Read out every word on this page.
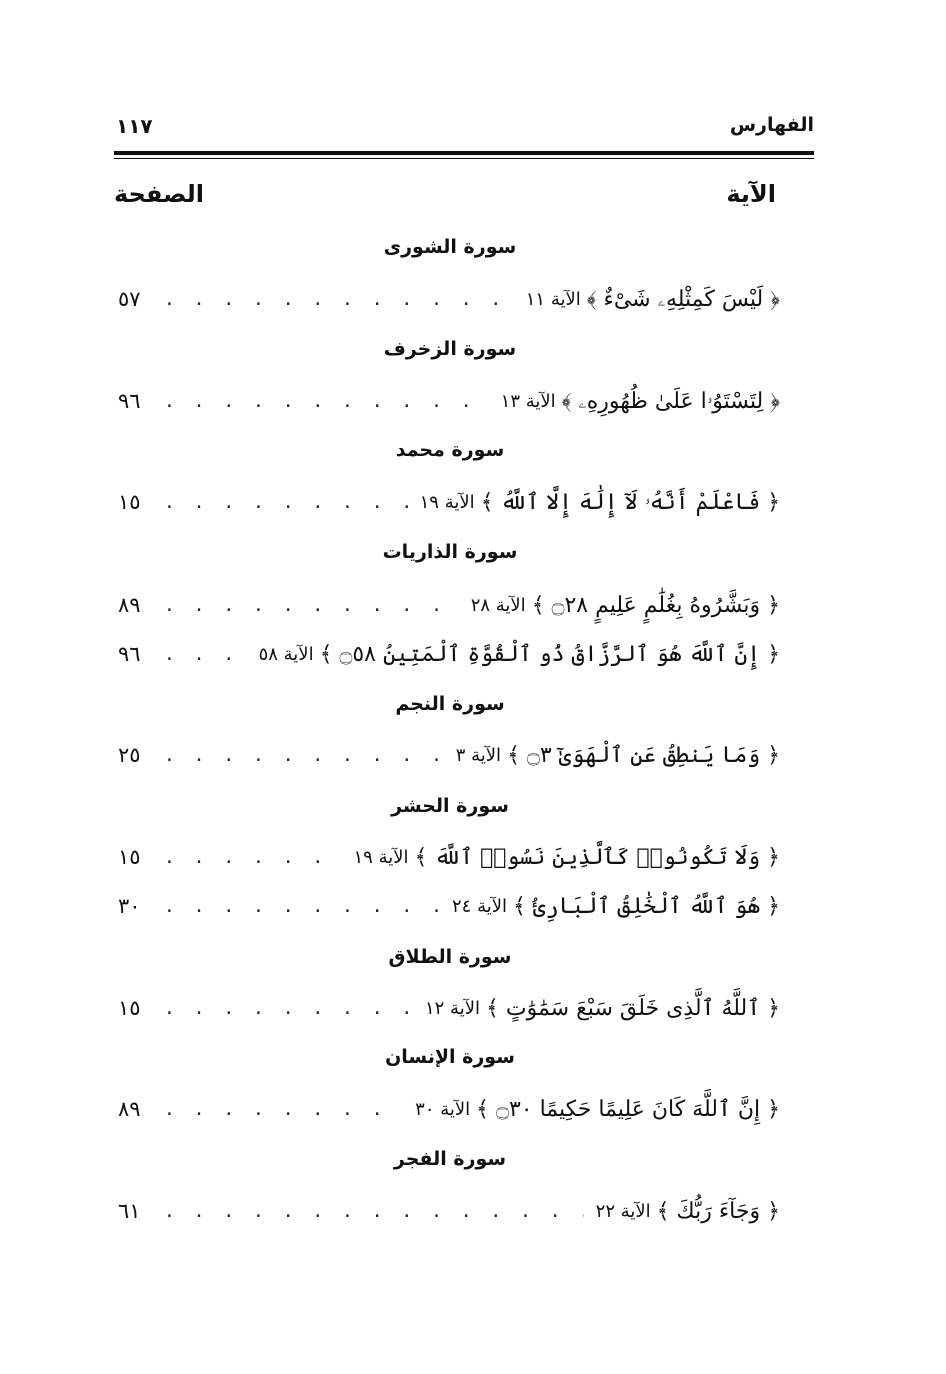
الفهارس
١١٧
الآية
الصفحة
سورة الشورى
﴿ لَيْسَ كَمِثْلِهِۦ شَىْءٌ ﴾
الآية ١١
. . .
٥٧
سورة الزخرف
﴿ لِتَسْتَوُۥا عَلَىٰ ظُهُورِهِۦ ﴾
الآية ١٣
. . .
٩٦
سورة محمد
﴿ فَاعْلَمْ أَنَّهُۥ لَآ إِلَٰهَ إِلَّا ٱللَّهُ ﴾
الآية ١٩
. . .
١٥
سورة الذاريات
﴿ وَبَشَّرُوهُ بِغُلَٰمٍ عَلِيمٍ ۝٢٨ ﴾
الآية ٢٨
. . .
٨٩
﴿ إِنَّ ٱللَّهَ هُوَ ٱلرَّزَّاقُ ذُو ٱلْقُوَّةِ ٱلْمَتِينُ ۝٥٨ ﴾
الآية ٥٨
. . .
٩٦
سورة النجم
﴿ وَمَا يَنطِقُ عَنِ ٱلْهَوَىٰٓ ۝٣ ﴾
الآية ٣
. . .
٢٥
سورة الحشر
﴿ وَلَا تَكُونُوا۟ كَٱلَّذِينَ نَسُوا۟ ٱللَّهَ ﴾
الآية ١٩
. . .
١٥
﴿ هُوَ ٱللَّهُ ٱلْخَٰلِقُ ٱلْبَارِئُ ﴾
الآية ٢٤
. . .
٣٠
سورة الطلاق
﴿ ٱللَّهُ ٱلَّذِى خَلَقَ سَبْعَ سَمَٰوَٰتٍ ﴾
الآية ١٢
. . .
١٥
سورة الإنسان
﴿ إِنَّ ٱللَّهَ كَانَ عَلِيمًا حَكِيمًا ۝٣٠ ﴾
الآية ٣٠
. . .
٨٩
سورة الفجر
﴿ وَجَآءَ رَبُّكَ ﴾
الآية ٢٢
. . .
٦١
